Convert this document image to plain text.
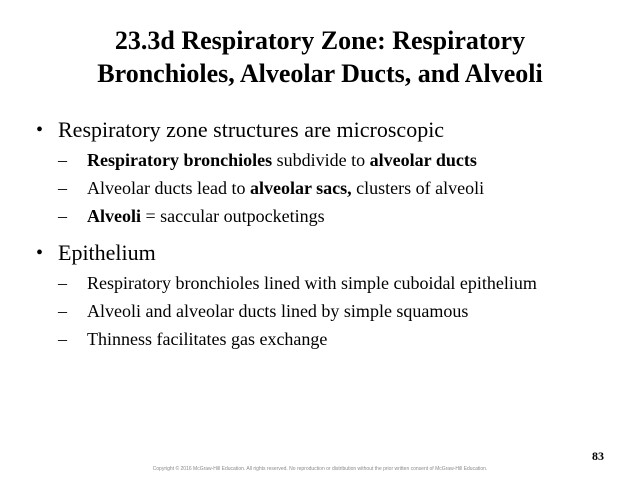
23.3d Respiratory Zone: Respiratory
Bronchioles, Alveolar Ducts, and Alveoli
• Respiratory zone structures are microscopic
– Respiratory bronchioles subdivide to alveolar ducts
– Alveolar ducts lead to alveolar sacs, clusters of alveoli
– Alveoli = saccular outpocketings
• Epithelium
– Respiratory bronchioles lined with simple cuboidal epithelium
– Alveoli and alveolar ducts lined by simple squamous
– Thinness facilitates gas exchange
83
Copyright © 2016 McGraw-Hill Education. All rights reserved. No reproduction or distribution without the prior written consent of McGraw-Hill Education.
